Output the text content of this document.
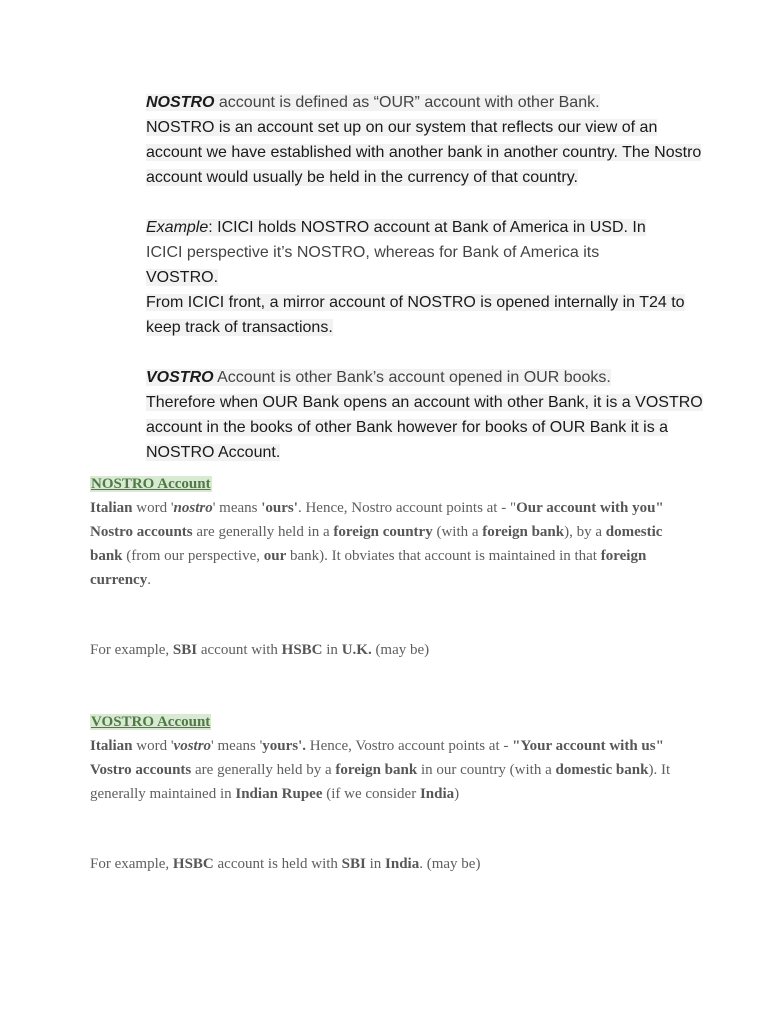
NOSTRO account is defined as “OUR” account with other Bank.
NOSTRO is an account set up on our system that reflects our view of an account we have established with another bank in another country. The Nostro account would usually be held in the currency of that country.

Example: ICICI holds NOSTRO account at Bank of America in USD. In
ICICI perspective it’s NOSTRO, whereas for Bank of America its
VOSTRO.
From ICICI front, a mirror account of NOSTRO is opened internally in T24 to keep track of transactions.

VOSTRO Account is other Bank’s account opened in OUR books.
Therefore when OUR Bank opens an account with other Bank, it is a VOSTRO account in the books of other Bank however for books of OUR Bank it is a NOSTRO Account.

NOSTRO Account

Italian word 'nostro' means 'ours'. Hence, Nostro account points at - "Our account with you"

Nostro accounts are generally held in a foreign country (with a foreign bank), by a domestic bank (from our perspective, our bank). It obviates that account is maintained in that foreign currency.

For example, SBI account with HSBC in U.K. (may be)

VOSTRO Account

Italian word 'vostro' means 'yours'. Hence, Vostro account points at - "Your account with us"

Vostro accounts are generally held by a foreign bank in our country (with a domestic bank). It generally maintained in Indian Rupee (if we consider India)

For example, HSBC account is held with SBI in India. (may be)
